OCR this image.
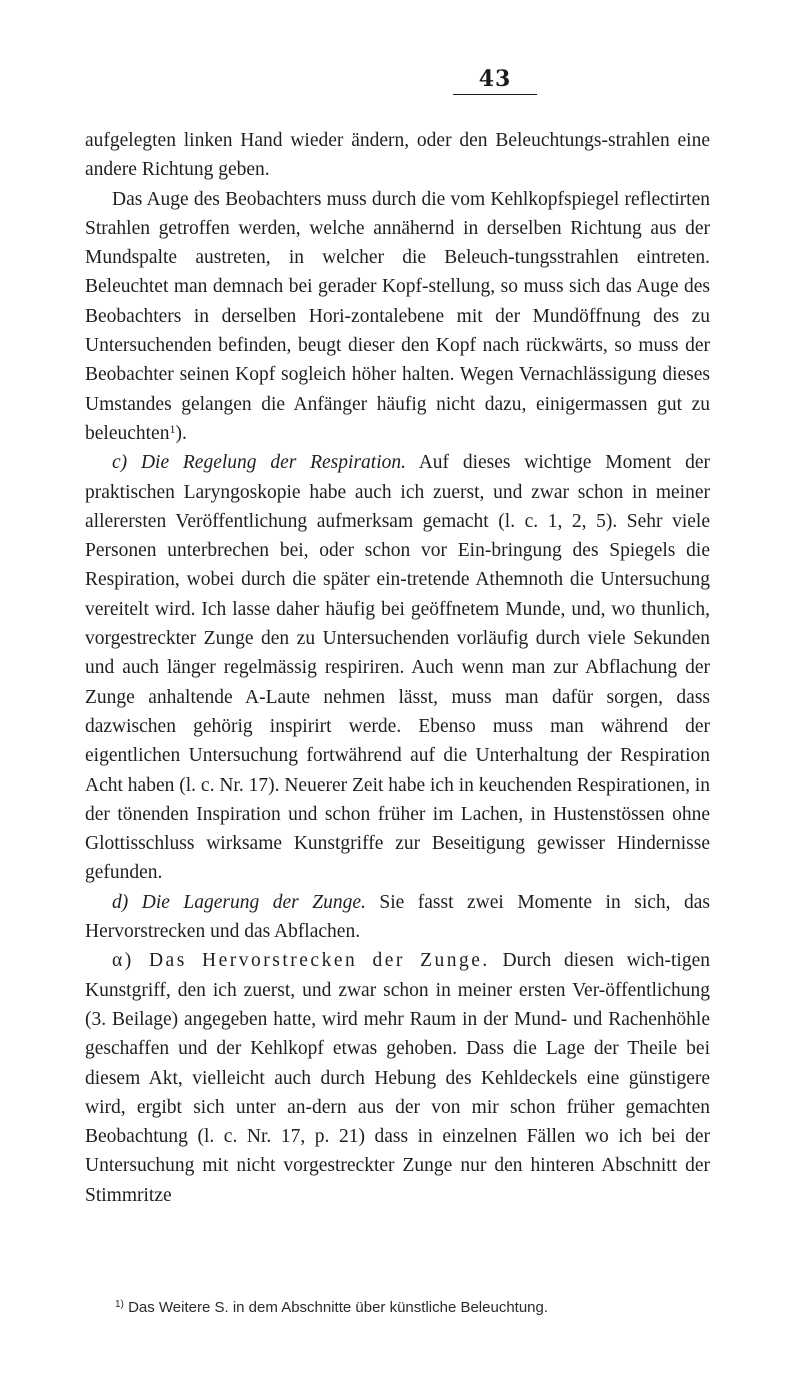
43

aufgelegten linken Hand wieder ändern, oder den Beleuchtungs-strahlen eine andere Richtung geben.

Das Auge des Beobachters muss durch die vom Kehlkopfspiegel reflectirten Strahlen getroffen werden, welche annähernd in derselben Richtung aus der Mundspalte austreten, in welcher die Beleuch-tungsstrahlen eintreten. Beleuchtet man demnach bei gerader Kopf-stellung, so muss sich das Auge des Beobachters in derselben Hori-zontalebene mit der Mundöffnung des zu Untersuchenden befinden, beugt dieser den Kopf nach rückwärts, so muss der Beobachter seinen Kopf sogleich höher halten. Wegen Vernachlässigung dieses Umstandes gelangen die Anfänger häufig nicht dazu, einigermassen gut zu beleuchten$^1$).

c) Die Regelung der Respiration. Auf dieses wichtige Moment der praktischen Laryngoskopie habe auch ich zuerst, und zwar schon in meiner allerersten Veröffentlichung aufmerksam gemacht (l. c. 1, 2, 5). Sehr viele Personen unterbrechen bei, oder schon vor Ein-bringung des Spiegels die Respiration, wobei durch die später ein-tretende Athemnoth die Untersuchung vereitelt wird. Ich lasse daher häufig bei geöffnetem Munde, und, wo thunlich, vorgestreckter Zunge den zu Untersuchenden vorläufig durch viele Sekunden und auch länger regelmässig respiriren. Auch wenn man zur Abflachung der Zunge anhaltende A-Laute nehmen lässt, muss man dafür sorgen, dass dazwischen gehörig inspirirt werde. Ebenso muss man während der eigentlichen Untersuchung fortwährend auf die Unterhaltung der Respiration Acht haben (l. c. Nr. 17). Neuerer Zeit habe ich in keuchenden Respirationen, in der tönenden Inspiration und schon früher im Lachen, in Hustenstössen ohne Glottisschluss wirksame Kunstgriffe zur Beseitigung gewisser Hindernisse gefunden.

d) Die Lagerung der Zunge. Sie fasst zwei Momente in sich, das Hervorstrecken und das Abflachen.

α) Das Hervorstrecken der Zunge. Durch diesen wich-tigen Kunstgriff, den ich zuerst, und zwar schon in meiner ersten Ver-öffentlichung (3. Beilage) angegeben hatte, wird mehr Raum in der Mund- und Rachenhöhle geschaffen und der Kehlkopf etwas gehoben. Dass die Lage der Theile bei diesem Akt, vielleicht auch durch Hebung des Kehldeckels eine günstigere wird, ergibt sich unter an-dern aus der von mir schon früher gemachten Beobachtung (l. c. Nr. 17, p. 21) dass in einzelnen Fällen wo ich bei der Untersuchung mit nicht vorgestreckter Zunge nur den hinteren Abschnitt der Stimmritze

$^{1)}$ Das Weitere S. in dem Abschnitte über künstliche Beleuchtung.
